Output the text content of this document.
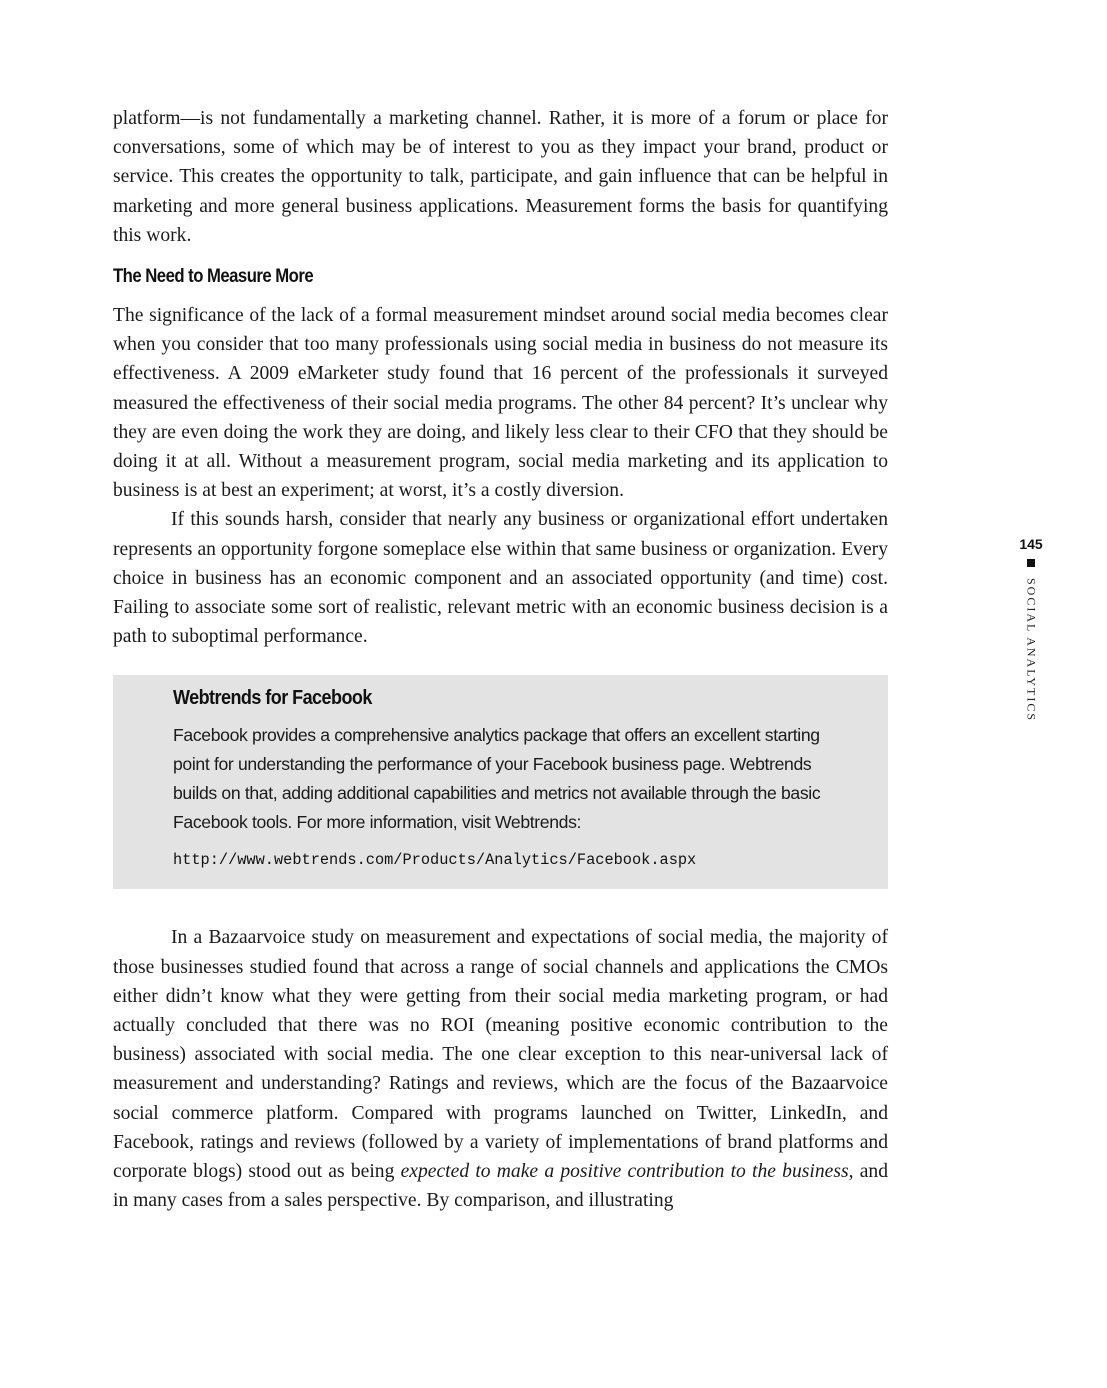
platform—is not fundamentally a marketing channel. Rather, it is more of a forum or place for conversations, some of which may be of interest to you as they impact your brand, product or service. This creates the opportunity to talk, participate, and gain influence that can be helpful in marketing and more general business applications. Measurement forms the basis for quantifying this work.

The Need to Measure More

The significance of the lack of a formal measurement mindset around social media becomes clear when you consider that too many professionals using social media in business do not measure its effectiveness. A 2009 eMarketer study found that 16 percent of the professionals it surveyed measured the effectiveness of their social media programs. The other 84 percent? It’s unclear why they are even doing the work they are doing, and likely less clear to their CFO that they should be doing it at all. Without a measurement program, social media marketing and its application to business is at best an experiment; at worst, it’s a costly diversion.

If this sounds harsh, consider that nearly any business or organizational effort undertaken represents an opportunity forgone someplace else within that same business or organization. Every choice in business has an economic component and an associated opportunity (and time) cost. Failing to associate some sort of realistic, relevant metric with an economic business decision is a path to suboptimal performance.

Webtrends for Facebook

Facebook provides a comprehensive analytics package that offers an excellent starting point for understanding the performance of your Facebook business page. Webtrends builds on that, adding additional capabilities and metrics not available through the basic Facebook tools. For more information, visit Webtrends:

http://www.webtrends.com/Products/Analytics/Facebook.aspx

In a Bazaarvoice study on measurement and expectations of social media, the majority of those businesses studied found that across a range of social channels and applications the CMOs either didn’t know what they were getting from their social media marketing program, or had actually concluded that there was no ROI (meaning positive economic contribution to the business) associated with social media. The one clear exception to this near-universal lack of measurement and understanding? Ratings and reviews, which are the focus of the Bazaarvoice social commerce platform. Compared with programs launched on Twitter, LinkedIn, and Facebook, ratings and reviews (followed by a variety of implementations of brand platforms and corporate blogs) stood out as being expected to make a positive contribution to the business, and in many cases from a sales perspective. By comparison, and illustrating

145
SOCIAL ANALYTICS
